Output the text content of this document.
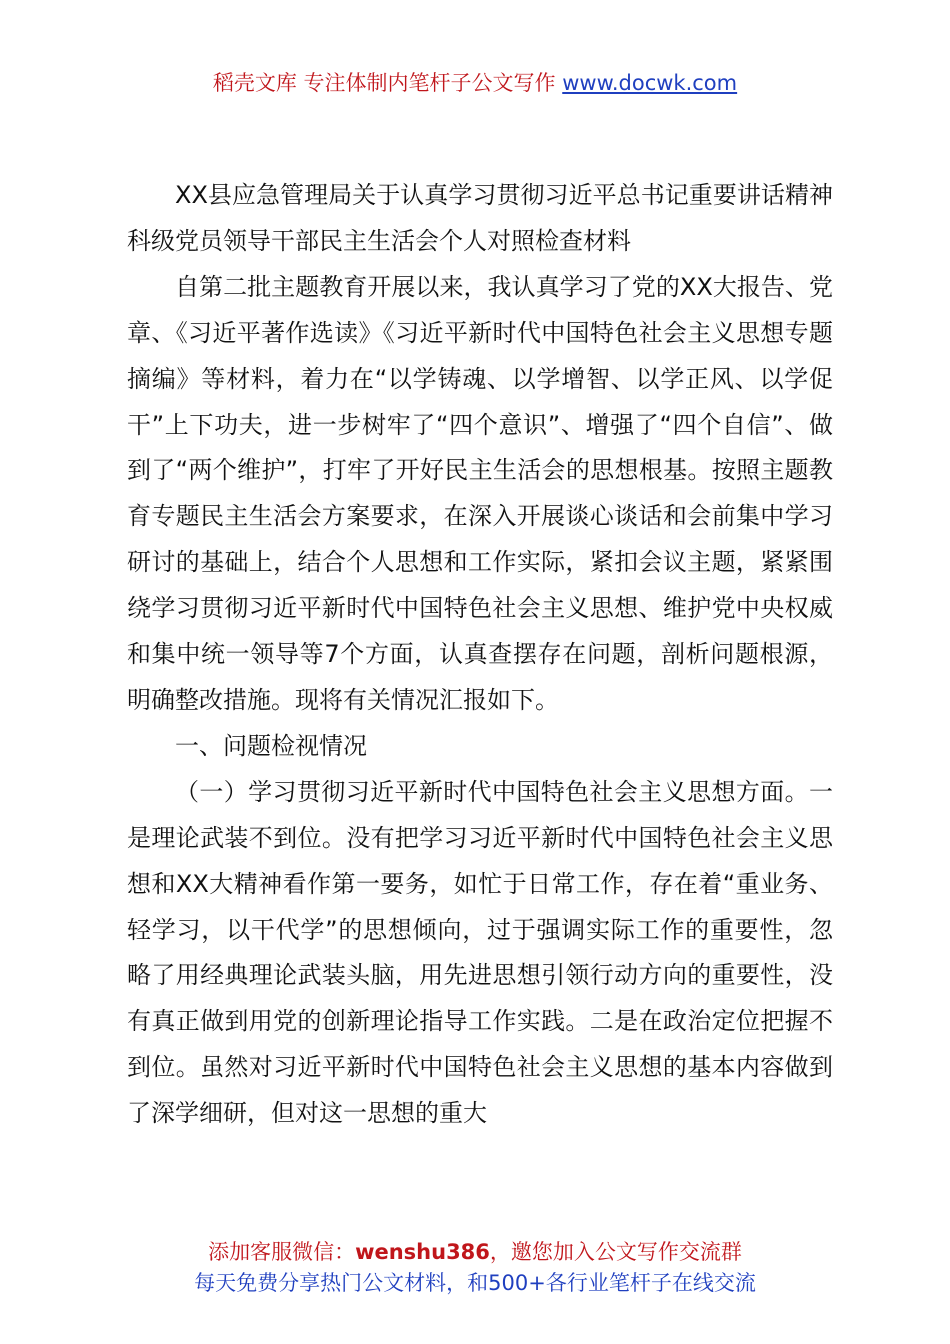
稻壳文库 专注体制内笔杆子公文写作 www.docwk.com

XX县应急管理局关于认真学习贯彻习近平总书记重要讲话精神科级党员领导干部民主生活会个人对照检查材料

自第二批主题教育开展以来，我认真学习了党的XX大报告、党章、《习近平著作选读》《习近平新时代中国特色社会主义思想专题摘编》等材料，着力在“以学铸魂、以学增智、以学正风、以学促干”上下功夫，进一步树牢了“四个意识”、增强了“四个自信”、做到了“两个维护”，打牢了开好民主生活会的思想根基。按照主题教育专题民主生活会方案要求，在深入开展谈心谈话和会前集中学习研讨的基础上，结合个人思想和工作实际，紧扣会议主题，紧紧围绕学习贯彻习近平新时代中国特色社会主义思想、维护党中央权威和集中统一领导等7个方面，认真查摆存在问题，剖析问题根源，明确整改措施。现将有关情况汇报如下。

一、问题检视情况

（一）学习贯彻习近平新时代中国特色社会主义思想方面。一是理论武装不到位。没有把学习习近平新时代中国特色社会主义思想和XX大精神看作第一要务，如忙于日常工作，存在着“重业务、轻学习，以干代学”的思想倾向，过于强调实际工作的重要性，忽略了用经典理论武装头脑，用先进思想引领行动方向的重要性，没有真正做到用党的创新理论指导工作实践。二是在政治定位把握不到位。虽然对习近平新时代中国特色社会主义思想的基本内容做到了深学细研，但对这一思想的重大

添加客服微信：wenshu386，邀您加入公文写作交流群
每天免费分享热门公文材料，和500+各行业笔杆子在线交流
